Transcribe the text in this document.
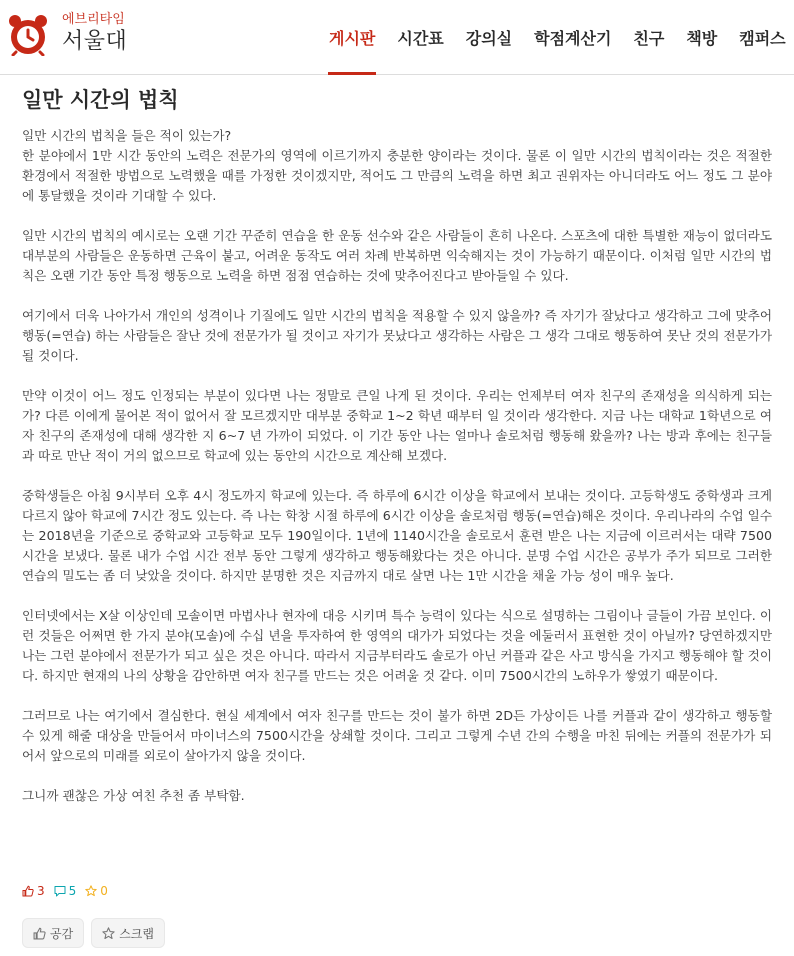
에브리타임
서울대	게시판	시간표	강의실	학점계산기	친구	책방	캠퍼스
일만 시간의 법칙
일만 시간의 법칙을 들은 적이 있는가?
한 분야에서 1만 시간 동안의 노력은 전문가의 영역에 이르기까지 충분한 양이라는 것이다. 물론 이 일만 시간의 법칙이라는 것은 적절한 환경에서 적절한 방법으로 노력했을 때를 가정한 것이겠지만, 적어도 그 만큼의 노력을 하면 최고 권위자는 아니더라도 어느 정도 그 분야에 통달했을 것이라 기대할 수 있다.

일만 시간의 법칙의 예시로는 오랜 기간 꾸준히 연습을 한 운동 선수와 같은 사람들이 흔히 나온다. 스포츠에 대한 특별한 재능이 없더라도 대부분의 사람들은 운동하면 근육이 붙고, 어려운 동작도 여러 차례 반복하면 익숙해지는 것이 가능하기 때문이다. 이처럼 일만 시간의 법칙은 오랜 기간 동안 특정 행동으로 노력을 하면 점점 연습하는 것에 맞추어진다고 받아들일 수 있다.

여기에서 더욱 나아가서 개인의 성격이나 기질에도 일만 시간의 법칙을 적용할 수 있지 않을까? 즉 자기가 잘났다고 생각하고 그에 맞추어 행동(=연습) 하는 사람들은 잘난 것에 전문가가 될 것이고 자기가 못났다고 생각하는 사람은 그 생각 그대로 행동하여 못난 것의 전문가가 될 것이다.

만약 이것이 어느 정도 인정되는 부분이 있다면 나는 정말로 큰일 나게 된 것이다. 우리는 언제부터 여자 친구의 존재성을 의식하게 되는가? 다른 이에게 물어본 적이 없어서 잘 모르겠지만 대부분 중학교 1~2 학년 때부터 일 것이라 생각한다. 지금 나는 대학교 1학년으로 여자 친구의 존재성에 대해 생각한 지 6~7 년 가까이 되었다. 이 기간 동안 나는 얼마나 솔로처럼 행동해 왔을까? 나는 방과 후에는 친구들과 따로 만난 적이 거의 없으므로 학교에 있는 동안의 시간으로 계산해 보겠다.

중학생들은 아침 9시부터 오후 4시 정도까지 학교에 있는다. 즉 하루에 6시간 이상을 학교에서 보내는 것이다. 고등학생도 중학생과 크게 다르지 않아 학교에 7시간 정도 있는다. 즉 나는 학창 시절 하루에 6시간 이상을 솔로처럼 행동(=연습)해온 것이다. 우리나라의 수업 일수는 2018년을 기준으로 중학교와 고등학교 모두 190일이다. 1년에 1140시간을 솔로로서 훈련 받은 나는 지금에 이르러서는 대략 7500시간을 보냈다. 물론 내가 수업 시간 전부 동안 그렇게 생각하고 행동해왔다는 것은 아니다. 분명 수업 시간은 공부가 주가 되므로 그러한 연습의 밀도는 좀 더 낮았을 것이다. 하지만 분명한 것은 지금까지 대로 살면 나는 1만 시간을 채울 가능 성이 매우 높다.

인터넷에서는 X살 이상인데 모솔이면 마법사나 현자에 대응 시키며 특수 능력이 있다는 식으로 설명하는 그림이나 글들이 가끔 보인다. 이런 것들은 어쩌면 한 가지 분야(모솔)에 수십 년을 투자하여 한 영역의 대가가 되었다는 것을 에둘러서 표현한 것이 아닐까? 당연하겠지만 나는 그런 분야에서 전문가가 되고 싶은 것은 아니다. 따라서 지금부터라도 솔로가 아닌 커플과 같은 사고 방식을 가지고 행동해야 할 것이다. 하지만 현재의 나의 상황을 감안하면 여자 친구를 만드는 것은 어려울 것 같다. 이미 7500시간의 노하우가 쌓였기 때문이다.

그러므로 나는 여기에서 결심한다. 현실 세계에서 여자 친구를 만드는 것이 불가 하면 2D든 가상이든 나를 커플과 같이 생각하고 행동할 수 있게 해줄 대상을 만들어서 마이너스의 7500시간을 상쇄할 것이다. 그리고 그렇게 수년 간의 수행을 마친 뒤에는 커플의 전문가가 되어서 앞으로의 미래를 외로이 살아가지 않을 것이다.

그니까 괜찮은 가상 여친 추천 좀 부탁함.
3 5 0
공감	스크랩
